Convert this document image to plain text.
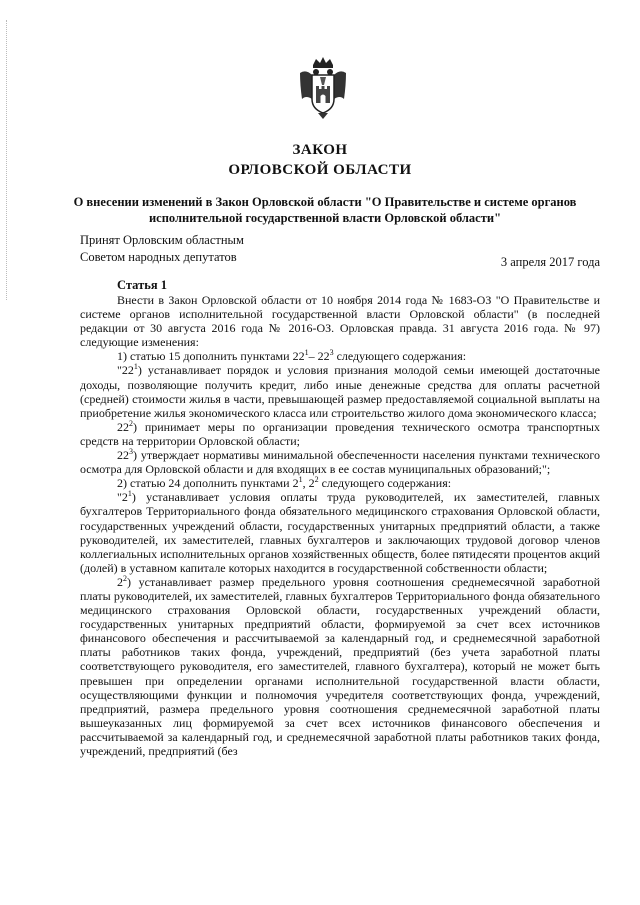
ЗАКОН
ОРЛОВСКОЙ ОБЛАСТИ
О внесении изменений в Закон Орловской области "О Правительстве и системе органов исполнительной государственной власти Орловской области"
Принят Орловским областным
Советом народных депутатов	3 апреля 2017 года
Статья 1

Внести в Закон Орловской области от 10 ноября 2014 года № 1683-ОЗ "О Правительстве и системе органов исполнительной государственной власти Орловской области" (в последней редакции от 30 августа 2016 года № 2016-ОЗ. Орловская правда. 31 августа 2016 года. № 97) следующие изменения:

1) статью 15 дополнить пунктами $22^1-$ $22^3$ следующего содержания:

"$22^1$) устанавливает порядок и условия признания молодой семьи имеющей достаточные доходы, позволяющие получить кредит, либо иные денежные средства для оплаты расчетной (средней) стоимости жилья в части, превышающей размер предоставляемой социальной выплаты на приобретение жилья экономического класса или строительство жилого дома экономического класса;

$22^2$) принимает меры по организации проведения технического осмотра транспортных средств на территории Орловской области;

$22^3$) утверждает нормативы минимальной обеспеченности населения пунктами технического осмотра для Орловской области и для входящих в ее состав муниципальных образований;";

2) статью 24 дополнить пунктами $2^1$, $2^2$ следующего содержания:

"$2^1$) устанавливает условия оплаты труда руководителей, их заместителей, главных бухгалтеров Территориального фонда обязательного медицинского страхования Орловской области, государственных учреждений области, государственных унитарных предприятий области, а также руководителей, их заместителей, главных бухгалтеров и заключающих трудовой договор членов коллегиальных исполнительных органов хозяйственных обществ, более пятидесяти процентов акций (долей) в уставном капитале которых находится в государственной собственности области;

$2^2$) устанавливает размер предельного уровня соотношения среднемесячной заработной платы руководителей, их заместителей, главных бухгалтеров Территориального фонда обязательного медицинского страхования Орловской области, государственных учреждений области, государственных унитарных предприятий области, формируемой за счет всех источников финансового обеспечения и рассчитываемой за календарный год, и среднемесячной заработной платы работников таких фонда, учреждений, предприятий (без учета заработной платы соответствующего руководителя, его заместителей, главного бухгалтера), который не может быть превышен при определении органами исполнительной государственной власти области, осуществляющими функции и полномочия учредителя соответствующих фонда, учреждений, предприятий, размера предельного уровня соотношения среднемесячной заработной платы вышеуказанных лиц формируемой за счет всех источников финансового обеспечения и рассчитываемой за календарный год, и среднемесячной заработной платы работников таких фонда, учреждений, предприятий (без
